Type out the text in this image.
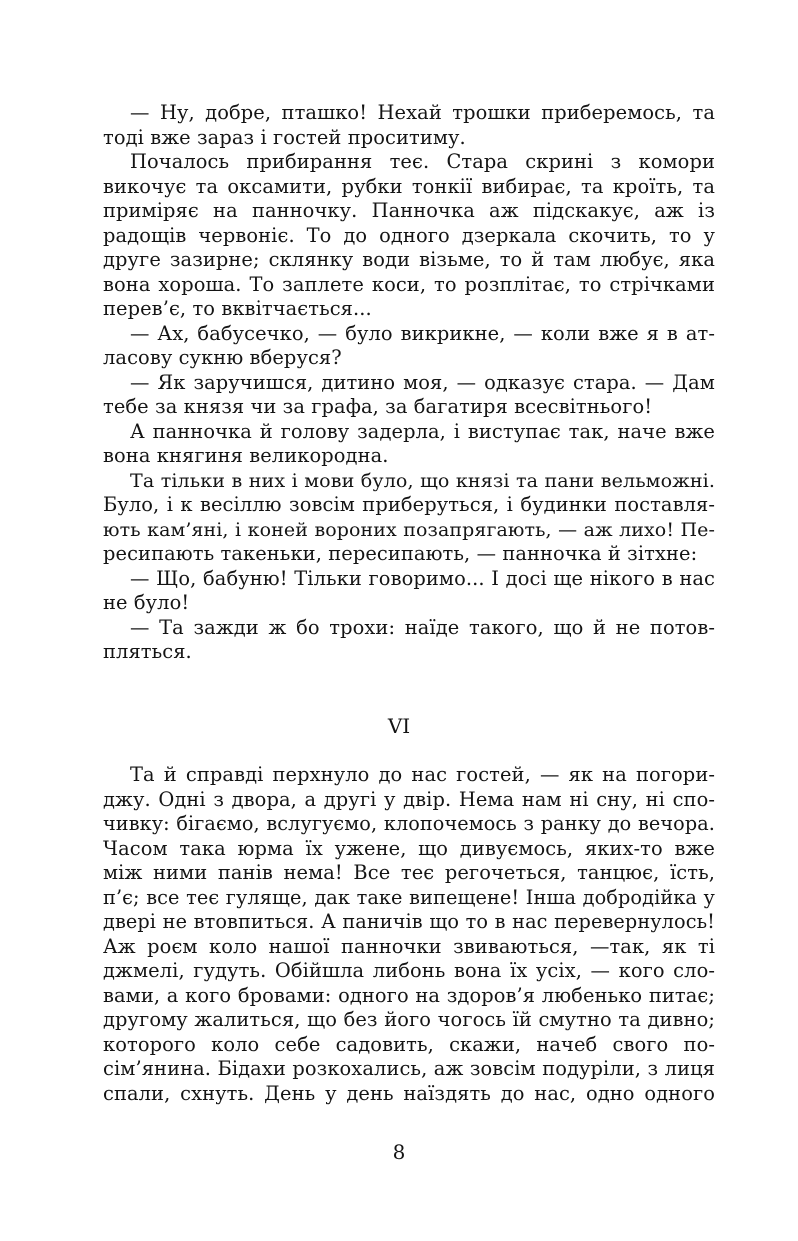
— Ну, добре, пташко! Нехай трошки приберемось, та
тоді вже зараз і гостей проситиму.
Почалось прибирання теє. Стара скрині з комори
викочує та оксамити, рубки тонкії вибирає, та кроїть, та
приміряє на панночку. Панночка аж підскакує, аж із
радощів червоніє. То до одного дзеркала скочить, то у
друге зазирне; склянку води візьме, то й там любує, яка
вона хороша. То заплете коси, то розплітає, то стрічками
перев’є, то вквітчається...
— Ах, бабусечко, — було викрикне, — коли вже я в ат-
ласову сукню вберуся?
— Як заручишся, дитино моя, — одказує стара. — Дам
тебе за князя чи за графа, за багатиря всесвітнього!
А панночка й голову задерла, і виступає так, наче вже
вона княгиня великородна.
Та тільки в них і мови було, що князі та пани вельможні.
Було, і к весіллю зовсім приберуться, і будинки поставля-
ють кам’яні, і коней вороних позапрягають, — аж лихо! Пе-
ресипають такеньки, пересипають, — панночка й зітхне:
— Що, бабуню! Тільки говоримо... І досі ще нікого в нас
не було!
— Та зажди ж бо трохи: наїде такого, що й не потов-
пляться.
VI
Та й справді перхнуло до нас гостей, — як на погори-
джу. Одні з двора, а другі у двір. Нема нам ні сну, ні спо-
чивку: бігаємо, вслугуємо, клопочемось з ранку до вечора.
Часом така юрма їх ужене, що дивуємось, яких-то вже
між ними панів нема! Все теє регочеться, танцює, їсть,
п’є; все теє гуляще, дак таке випещене! Інша добродійка у
двері не втовпиться. А паничів що то в нас перевернулось!
Аж роєм коло нашої панночки звиваються, —так, як ті
джмелі, гудуть. Обійшла либонь вона їх усіх, — кого сло-
вами, а кого бровами: одного на здоров’я любенько питає;
другому жалиться, що без його чогось їй смутно та дивно;
которого коло себе садовить, скажи, начеб свого по-
сім’янина. Бідахи розкохались, аж зовсім подуріли, з лиця
спали, схнуть. День у день наїздять до нас, одно одного
8
